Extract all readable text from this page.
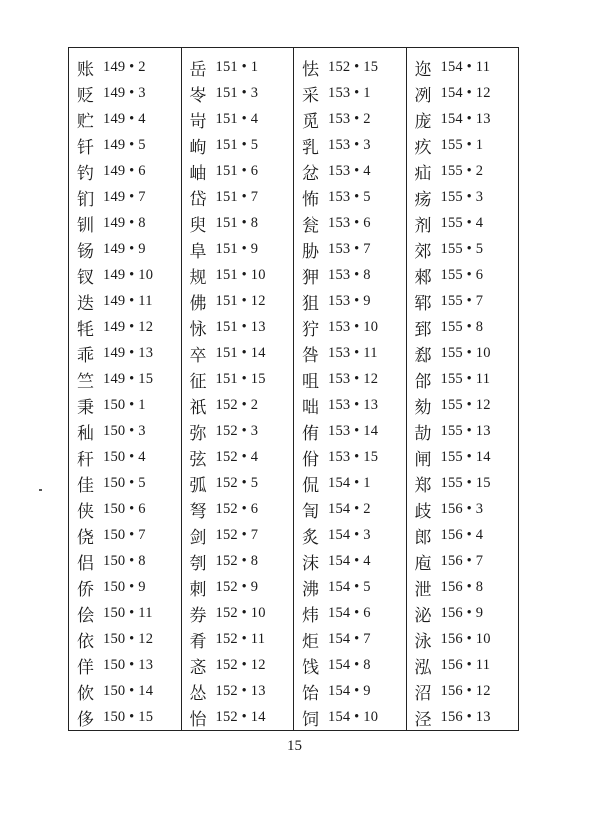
账 149 • 2
贬 149 • 3
贮 149 • 4
钎 149 • 5
钓 149 • 6
钔 149 • 7
钏 149 • 8
钖 149 • 9
钗 149 • 10
迭 149 • 11
牦 149 • 12
乖 149 • 13
竺 149 • 15
秉 150 • 1
秈 150 • 3
秆 150 • 4
佳 150 • 5
侠 150 • 6
侥 150 • 7
侣 150 • 8
侨 150 • 9
侩 150 • 11
依 150 • 12
佯 150 • 13
佽 150 • 14
侈 150 • 15
岳 151 • 1
岺 151 • 3
岢 151 • 4
岣 151 • 5
岫 151 • 6
岱 151 • 7
臾 151 • 8
阜 151 • 9
规 151 • 10
佛 151 • 12
怺 151 • 13
卒 151 • 14
征 151 • 15
祇 152 • 2
弥 152 • 3
弦 152 • 4
弧 152 • 5
弩 152 • 6
剑 152 • 7
刳 152 • 8
刺 152 • 9
券 152 • 10
肴 152 • 11
忞 152 • 12
怂 152 • 13
怡 152 • 14
怯 152 • 15
采 153 • 1
觅 153 • 2
乳 153 • 3
忿 153 • 4
怖 153 • 5
瓮 153 • 6
胁 153 • 7
狎 153 • 8
狙 153 • 9
狞 153 • 10
咎 153 • 11
咀 153 • 12
咄 153 • 13
侑 153 • 14
佾 153 • 15
侃 154 • 1
訇 154 • 2
炙 154 • 3
沫 154 • 4
沸 154 • 5
炜 154 • 6
炬 154 • 7
饯 154 • 8
饴 154 • 9
饲 154 • 10
迩 154 • 11
冽 154 • 12
庞 154 • 13
疚 155 • 1
疝 155 • 2
疡 155 • 3
剂 155 • 4
郊 155 • 5
郲 155 • 6
郓 155 • 7
郅 155 • 8
郄 155 • 10
郃 155 • 11
劾 155 • 12
劼 155 • 13
闸 155 • 14
郑 155 • 15
歧 156 • 3
郎 156 • 4
庖 156 • 7
泄 156 • 8
泌 156 • 9
泳 156 • 10
泓 156 • 11
沼 156 • 12
泾 156 • 13
15
